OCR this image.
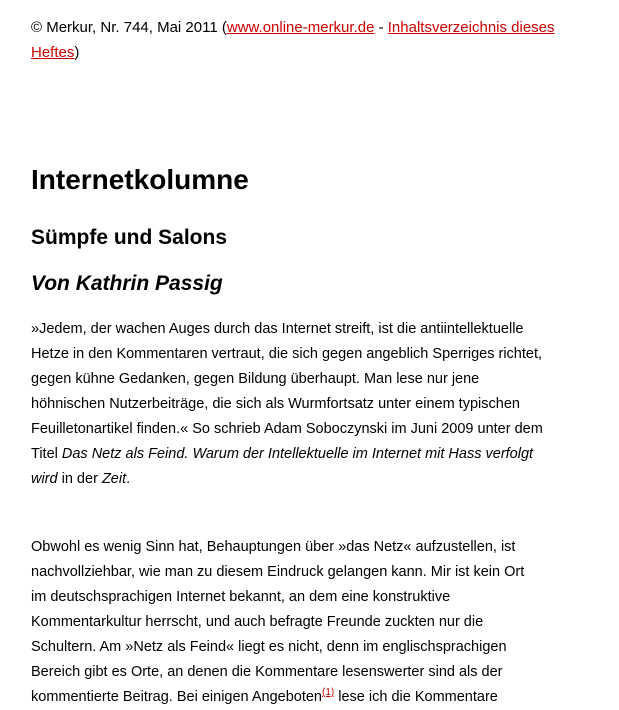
© Merkur, Nr. 744, Mai 2011 (www.online-merkur.de - Inhaltsverzeichnis dieses
Heftes)

Internetkolumne
Sümpfe und Salons
Von Kathrin Passig
»Jedem, der wachen Auges durch das Internet streift, ist die antiintellektuelle
Hetze in den Kommentaren vertraut, die sich gegen angeblich Sperriges richtet,
gegen kühne Gedanken, gegen Bildung überhaupt. Man lese nur jene
höhnischen Nutzerbeiträge, die sich als Wurmfortsatz unter einem typischen
Feuilletonartikel finden.« So schrieb Adam Soboczynski im Juni 2009 unter dem
Titel Das Netz als Feind. Warum der Intellektuelle im Internet mit Hass verfolgt
wird in der Zeit.
Obwohl es wenig Sinn hat, Behauptungen über »das Netz« aufzustellen, ist
nachvollziehbar, wie man zu diesem Eindruck gelangen kann. Mir ist kein Ort
im deutschsprachigen Internet bekannt, an dem eine konstruktive
Kommentarkultur herrscht, und auch befragte Freunde zuckten nur die
Schultern. Am »Netz als Feind« liegt es nicht, denn im englischsprachigen
Bereich gibt es Orte, an denen die Kommentare lesenswerter sind als der
kommentierte Beitrag. Bei einigen Angeboten$^{(1)}$ lese ich die Kommentare
